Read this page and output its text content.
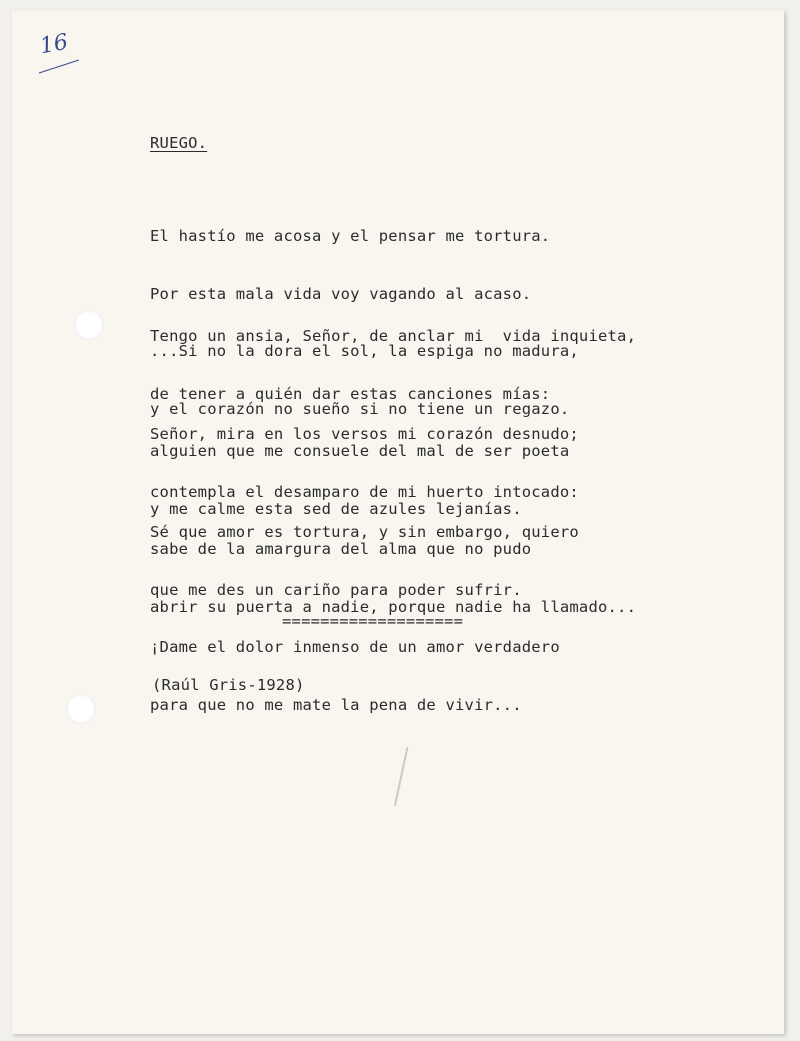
16
RUEGO.

El hastío me acosa y el pensar me tortura.

Por esta mala vida voy vagando al acaso.

...Si no la dora el sol, la espiga no madura,

y el corazón no sueño si no tiene un regazo.

Tengo un ansia, Señor, de anclar mi  vida inquieta,

de tener a quién dar estas canciones mías:

alguien que me consuele del mal de ser poeta

y me calme esta sed de azules lejanías.

Señor, mira en los versos mi corazón desnudo;

contempla el desamparo de mi huerto intocado:

sabe de la amargura del alma que no pudo

abrir su puerta a nadie, porque nadie ha llamado...

Sé que amor es tortura, y sin embargo, quiero

que me des un cariño para poder sufrir.

¡Dame el dolor inmenso de un amor verdadero

para que no me mate la pena de vivir...

===================
(Raúl Gris-1928)
